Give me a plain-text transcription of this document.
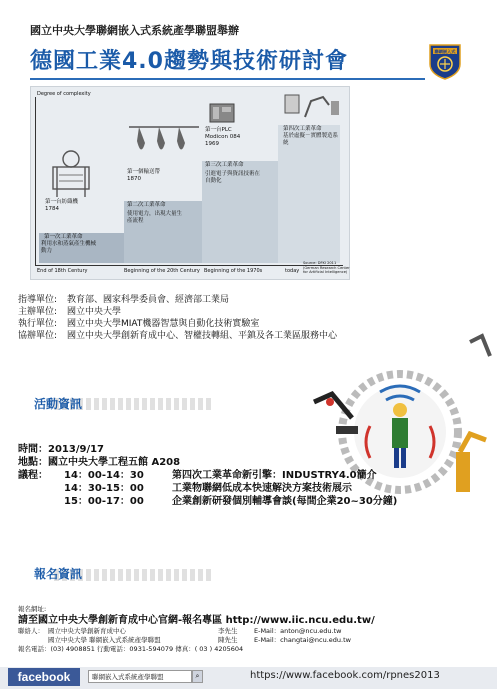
國立中央大學聯網嵌入式系統產學聯盟舉辦
德國工業4.0趨勢與技術研討會	聯網嵌入式
Degree of complexity
第一次工業革命
利用水和蒸氣產生機械
動力
第一台紡織機
1784
第二次工業革命
使用電力，出現大量生
產流程
第一個輸送帶
1870
第三次工業革命
引進電子與資訊技術在
自動化
第一台PLC
Modicon 084
1969
第四次工業革命
基於虛擬－實體製造系
統
End of 18th Century	Beginning of the 20th Century Beginning of the 1970s	today
Source: DFKI 2011
(German Research Center
for Artificial Intelligence)
指導單位:	教育部、國家科學委員會、經濟部工業局
主辦單位:	國立中央大學
執行單位:	國立中央大學MIAT機器智慧與自動化技術實驗室
協辦單位:	國立中央大學創新育成中心、智權技轉組、平鎮及各工業區服務中心
活動資訊
時間：2013/9/17
地點：國立中央大學工程五館 A208
議程：	14：00-14：30	第四次工業革命新引擎：INDUSTRY4.0簡介
14：30-15：00	工業物聯網低成本快速解決方案技術展示
15：00-17：00	企業創新研發個別輔導會談(每間企業20~30分鐘)
報名資訊
報名網址:
請至國立中央大學創新育成中心官網-報名專區 http://www.iic.ncu.edu.tw/
聯絡人： 國立中央大學創新育成中心	李先生	E-Mail：anton@ncu.edu.tw
國立中央大學 聯網嵌入式系統產學聯盟	陳先生	E-Mail：changtai@ncu.edu.tw
報名電話：(03) 4908851 行動電話：0931-594079 傳真：( 03 ) 4205604
facebook	聯網嵌入式系統產學聯盟	⌕	https://www.facebook.com/rpnes2013
